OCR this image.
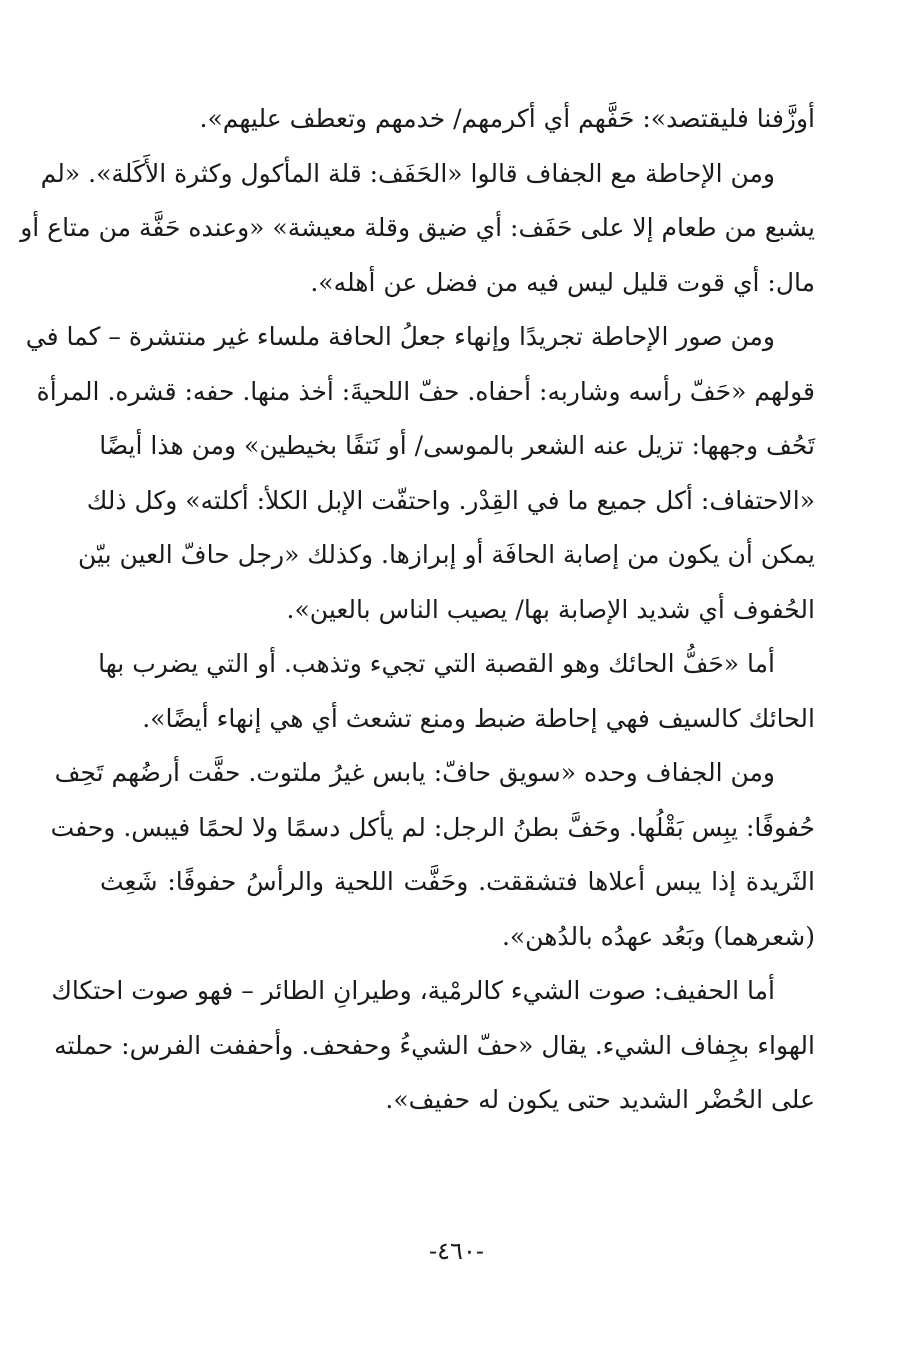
أوزَّفنا فليقتصد»: حَفَّهم أي أكرمهم/ خدمهم وتعطف عليهم».
ومن الإحاطة مع الجفاف قالوا «الحَفَف: قلة المأكول وكثرة الأَكَلة». «لم
يشبع من طعام إلا على حَفَف: أي ضيق وقلة معيشة» «وعنده حَفَّة من متاع أو
مال: أي قوت قليل ليس فيه من فضل عن أهله».
ومن صور الإحاطة تجريدًا وإنهاء جعلُ الحافة ملساء غير منتشرة – كما في
قولهم «حَفّ رأسه وشاربه: أحفاه. حفّ اللحيةَ: أخذ منها. حفه: قشره. المرأة
تَحُف وجهها: تزيل عنه الشعر بالموسى/ أو نَتفًا بخيطين» ومن هذا أيضًا
«الاحتفاف: أكل جميع ما في القِدْر. واحتفّت الإبل الكلأ: أكلته» وكل ذلك
يمكن أن يكون من إصابة الحافَة أو إبرازها. وكذلك «رجل حافّ العين بيّن
الحُفوف أي شديد الإصابة بها/ يصيب الناس بالعين».
أما «حَفُّ الحائك وهو القصبة التي تجيء وتذهب. أو التي يضرب بها
الحائك كالسيف فهي إحاطة ضبط ومنع تشعث أي هي إنهاء أيضًا».
ومن الجفاف وحده «سويق حافّ: يابس غيرُ ملتوت. حفَّت أرضُهم تَحِف
حُفوفًا: يبِس بَقْلُها. وحَفَّ بطنُ الرجل: لم يأكل دسمًا ولا لحمًا فيبس. وحفت
الثَريدة إذا يبس أعلاها فتشققت. وحَفَّت اللحية والرأسُ حفوفًا: شَعِث
(شعرهما) وبَعُد عهدُه بالدُهن».
أما الحفيف: صوت الشيء كالرمْية، وطيرانِ الطائر – فهو صوت احتكاك
الهواء بجِفاف الشيء. يقال «حفّ الشيءُ وحفحف. وأحففت الفرس: حملته
على الحُضْر الشديد حتى يكون له حفيف».
-٤٦٠-
